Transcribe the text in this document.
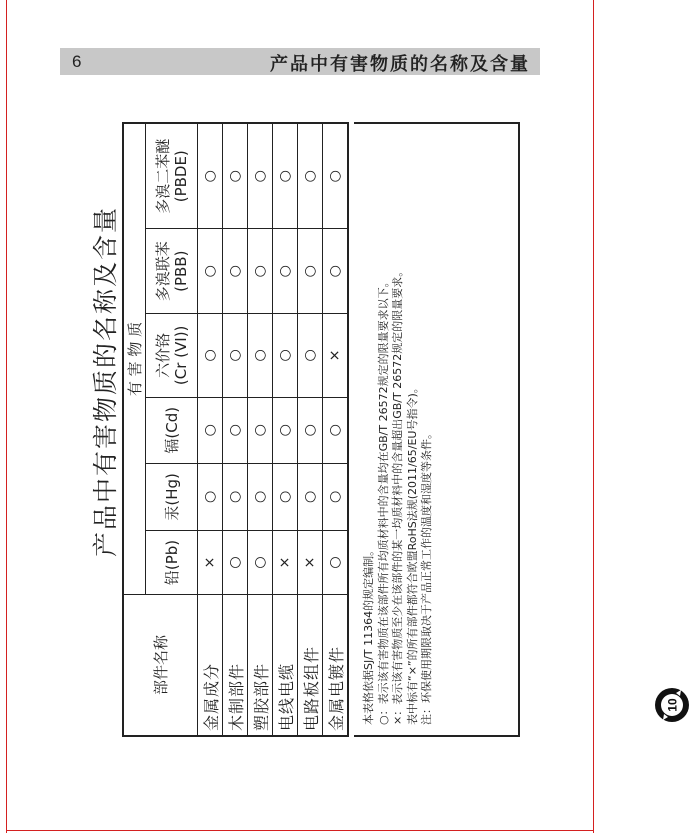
6	产品中有害物质的名称及含量
产品中有害物质的名称及含量
部件名称	有 害 物 质					

	铅(Pb)	汞(Hg)	镉(Cd)	六价铬 (Cr (VI))	多溴联苯 (PBB)	多溴二苯醚 (PBDE)

金属成分	×	○	○	○	○	○
木制部件	○	○	○	○	○	○
塑胶部件	○	○	○	○	○	○
电线电缆	×	○	○	○	○	○
电路板组件	×	○	○	○	○	○
金属电镀件	○	○	○	×	○	○

本表格依据SJ/T 11364的规定编制。 ○：表示该有害物质在该部件所有均质材料中的含量均在GB/T 26572规定的限量要求以下。 ×：表示该有害物质至少在该部件的某一均质材料中的含量超出GB/T 26572规定的限量要求。 表中标有“×”的所有部件都符合欧盟RoHS法规(2011/65/EU号指令)。 注：环保使用期限取决于产品正常工作的温度和湿度等条件。	10
